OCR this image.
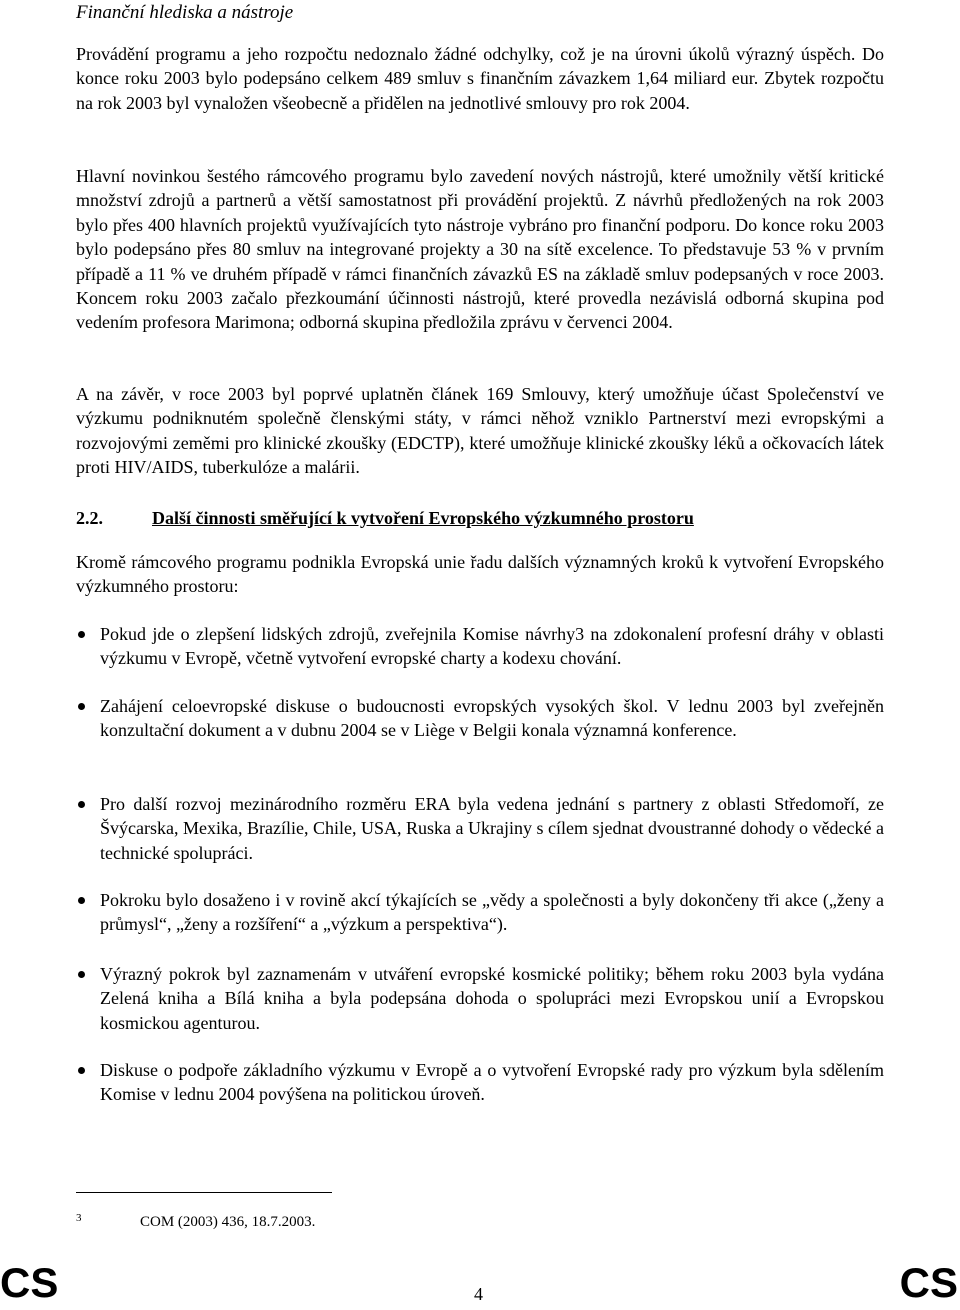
Finanční hlediska a nástroje

Provádění programu a jeho rozpočtu nedoznalo žádné odchylky, což je na úrovni úkolů výrazný úspěch. Do konce roku 2003 bylo podepsáno celkem 489 smluv s finančním závazkem 1,64 miliard eur. Zbytek rozpočtu na rok 2003 byl vynaložen všeobecně a přidělen na jednotlivé smlouvy pro rok 2004.

Hlavní novinkou šestého rámcového programu bylo zavedení nových nástrojů, které umožnily větší kritické množství zdrojů a partnerů a větší samostatnost při provádění projektů. Z návrhů předložených na rok 2003 bylo přes 400 hlavních projektů využívajících tyto nástroje vybráno pro finanční podporu. Do konce roku 2003 bylo podepsáno přes 80 smluv na integrované projekty a 30 na sítě excelence. To představuje 53 % v prvním případě a 11 % ve druhém případě v rámci finančních závazků ES na základě smluv podepsaných v roce 2003. Koncem roku 2003 začalo přezkoumání účinnosti nástrojů, které provedla nezávislá odborná skupina pod vedením profesora Marimona; odborná skupina předložila zprávu v červenci 2004.

A na závěr, v roce 2003 byl poprvé uplatněn článek 169 Smlouvy, který umožňuje účast Společenství ve výzkumu podniknutém společně členskými státy, v rámci něhož vzniklo Partnerství mezi evropskými a rozvojovými zeměmi pro klinické zkoušky (EDCTP), které umožňuje klinické zkoušky léků a očkovacích látek proti HIV/AIDS, tuberkulóze a malárii.

2.2.	Další činnosti směřující k vytvoření Evropského výzkumného prostoru

Kromě rámcového programu podnikla Evropská unie řadu dalších významných kroků k vytvoření Evropského výzkumného prostoru:

Pokud jde o zlepšení lidských zdrojů, zveřejnila Komise návrhy3 na zdokonalení profesní dráhy v oblasti výzkumu v Evropě, včetně vytvoření evropské charty a kodexu chování.

Zahájení celoevropské diskuse o budoucnosti evropských vysokých škol. V lednu 2003 byl zveřejněn konzultační dokument a v dubnu 2004 se v Liège v Belgii konala významná konference.

Pro další rozvoj mezinárodního rozměru ERA byla vedena jednání s partnery z oblasti Středomoří, ze Švýcarska, Mexika, Brazílie, Chile, USA, Ruska a Ukrajiny s cílem sjednat dvoustranné dohody o vědecké a technické spolupráci.

Pokroku bylo dosaženo i v rovině akcí týkajících se „vědy a společnosti a byly dokončeny tři akce („ženy a průmysl“, „ženy a rozšíření“ a „výzkum a perspektiva“).

Výrazný pokrok byl zaznamenám v utváření evropské kosmické politiky; během roku 2003 byla vydána Zelená kniha a Bílá kniha a byla podepsána dohoda o spolupráci mezi Evropskou unií a Evropskou kosmickou agenturou.

Diskuse o podpoře základního výzkumu v Evropě a o vytvoření Evropské rady pro výzkum byla sdělením Komise v lednu 2004 povýšena na politickou úroveň.

3	COM (2003) 436, 18.7.2003.
CS	4	CS
